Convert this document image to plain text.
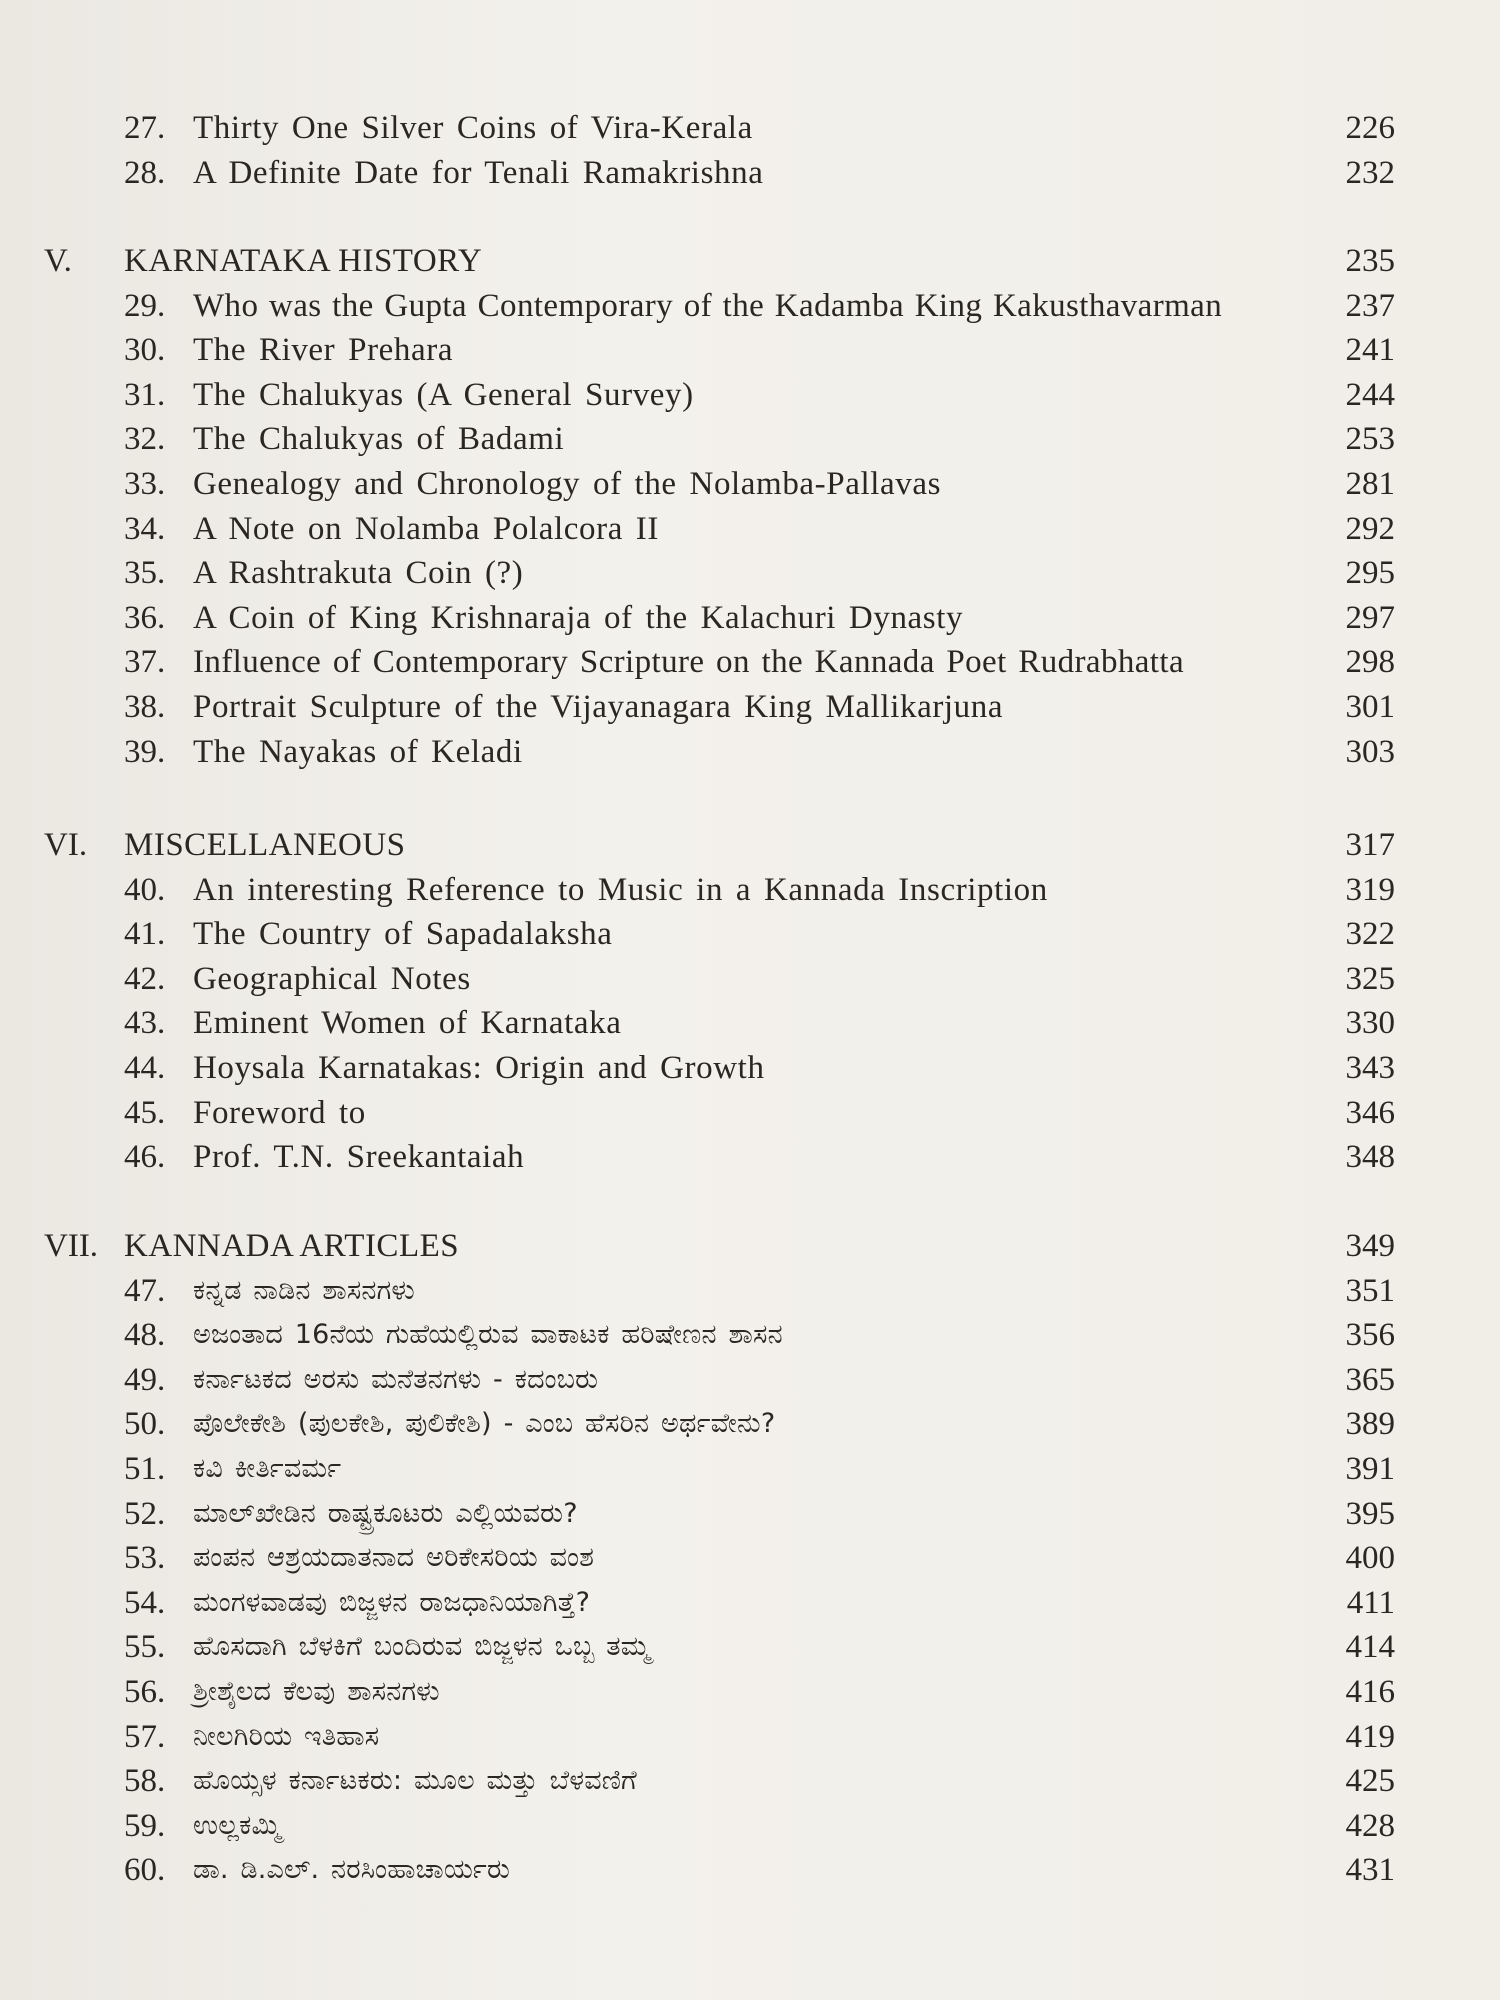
27. Thirty One Silver Coins of Vira-Kerala	226
28. A Definite Date for Tenali Ramakrishna	232
V. KARNATAKA HISTORY	235
29. Who was the Gupta Contemporary of the Kadamba King Kakusthavarman	237
30. The River Prehara	241
31. The Chalukyas (A General Survey)	244
32. The Chalukyas of Badami	253
33. Genealogy and Chronology of the Nolamba-Pallavas	281
34. A Note on Nolamba Polalcora II	292
35. A Rashtrakuta Coin (?)	295
36. A Coin of King Krishnaraja of the Kalachuri Dynasty	297
37. Influence of Contemporary Scripture on the Kannada Poet Rudrabhatta	298
38. Portrait Sculpture of the Vijayanagara King Mallikarjuna	301
39. The Nayakas of Keladi	303
VI. MISCELLANEOUS	317
40. An interesting Reference to Music in a Kannada Inscription	319
41. The Country of Sapadalaksha	322
42. Geographical Notes	325
43. Eminent Women of Karnataka	330
44. Hoysala Karnatakas: Origin and Growth	343
45. Foreword to	346
46. Prof. T.N. Sreekantaiah	348
VII. KANNADA ARTICLES	349
47. ಕನ್ನಡ ನಾಡಿನ ಶಾಸನಗಳು	351
48. ಅಜಂತಾದ 16ನೆಯ ಗುಹೆಯಲ್ಲಿರುವ ವಾಕಾಟಕ ಹರಿಷೇಣನ ಶಾಸನ	356
49. ಕರ್ನಾಟಕದ ಅರಸು ಮನೆತನಗಳು - ಕದಂಬರು	365
50. ಪೊಲೇಕೇಶಿ (ಪುಲಕೇಶಿ, ಪುಲಿಕೇಶಿ) - ಎಂಬ ಹೆಸರಿನ ಅರ್ಥವೇನು?	389
51. ಕವಿ ಕೀರ್ತಿವರ್ಮ	391
52. ಮಾಲ್‌ಖೇಡಿನ ರಾಷ್ಟ್ರಕೂಟರು ಎಲ್ಲಿಯವರು?	395
53. ಪಂಪನ ಆಶ್ರಯದಾತನಾದ ಅರಿಕೇಸರಿಯ ವಂಶ	400
54. ಮಂಗಳವಾಡವು ಬಿಜ್ಜಳನ ರಾಜಧಾನಿಯಾಗಿತ್ತೆ?	411
55. ಹೊಸದಾಗಿ ಬೆಳಕಿಗೆ ಬಂದಿರುವ ಬಿಜ್ಜಳನ ಒಬ್ಬ ತಮ್ಮ	414
56. ಶ್ರೀಶೈಲದ ಕೆಲವು ಶಾಸನಗಳು	416
57. ನೀಲಗಿರಿಯ ಇತಿಹಾಸ	419
58. ಹೊಯ್ಸಳ ಕರ್ನಾಟಕರು: ಮೂಲ ಮತ್ತು ಬೆಳವಣಿಗೆ	425
59. ಉಲ್ಲಕಮ್ಮಿ	428
60. ಡಾ. ಡಿ.ಎಲ್. ನರಸಿಂಹಾಚಾರ್ಯರು	431
